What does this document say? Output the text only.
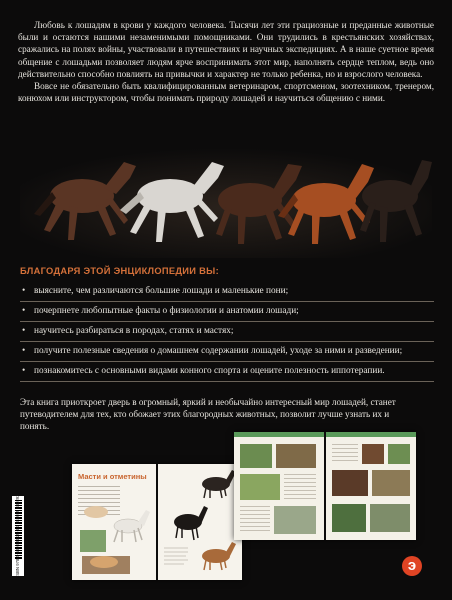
Любовь к лошадям в крови у каждого человека. Тысячи лет эти грациозные и преданные животные были и остаются нашими незаменимыми помощниками. Они трудились в крестьянских хозяйствах, сражались на полях войны, участвовали в путешествиях и научных экспедициях. А в наше суетное время общение с лошадьми позволяет людям ярче воспринимать этот мир, наполнять сердце теплом, ведь оно действительно способно повлиять на привычки и характер не только ребенка, но и взрослого человека.

Вовсе не обязательно быть квалифицированным ветеринаром, спортсменом, зоотехником, тренером, конюхом или инструктором, чтобы понимать природу лошадей и научиться общению с ними.

БЛАГОДАРЯ ЭТОЙ ЭНЦИКЛОПЕДИИ ВЫ:
• выясните, чем различаются большие лошади и маленькие пони;
• почерпнете любопытные факты о физиологии и анатомии лошади;
• научитесь разбираться в породах, статях и мастях;
• получите полезные сведения о домашнем содержании лошадей, уходе за ними и разведении;
• познакомитесь с основными видами конного спорта и оцените полезность иппотерапии.

Эта книга приоткроет дверь в огромный, яркий и необычайно интересный мир лошадей, станет путеводителем для тех, кто обожает этих благородных животных, позволит лучше узнать их и понять.

Масти и отметины
ISBN 978-5-699-88029-3 9 785699 880293	э
